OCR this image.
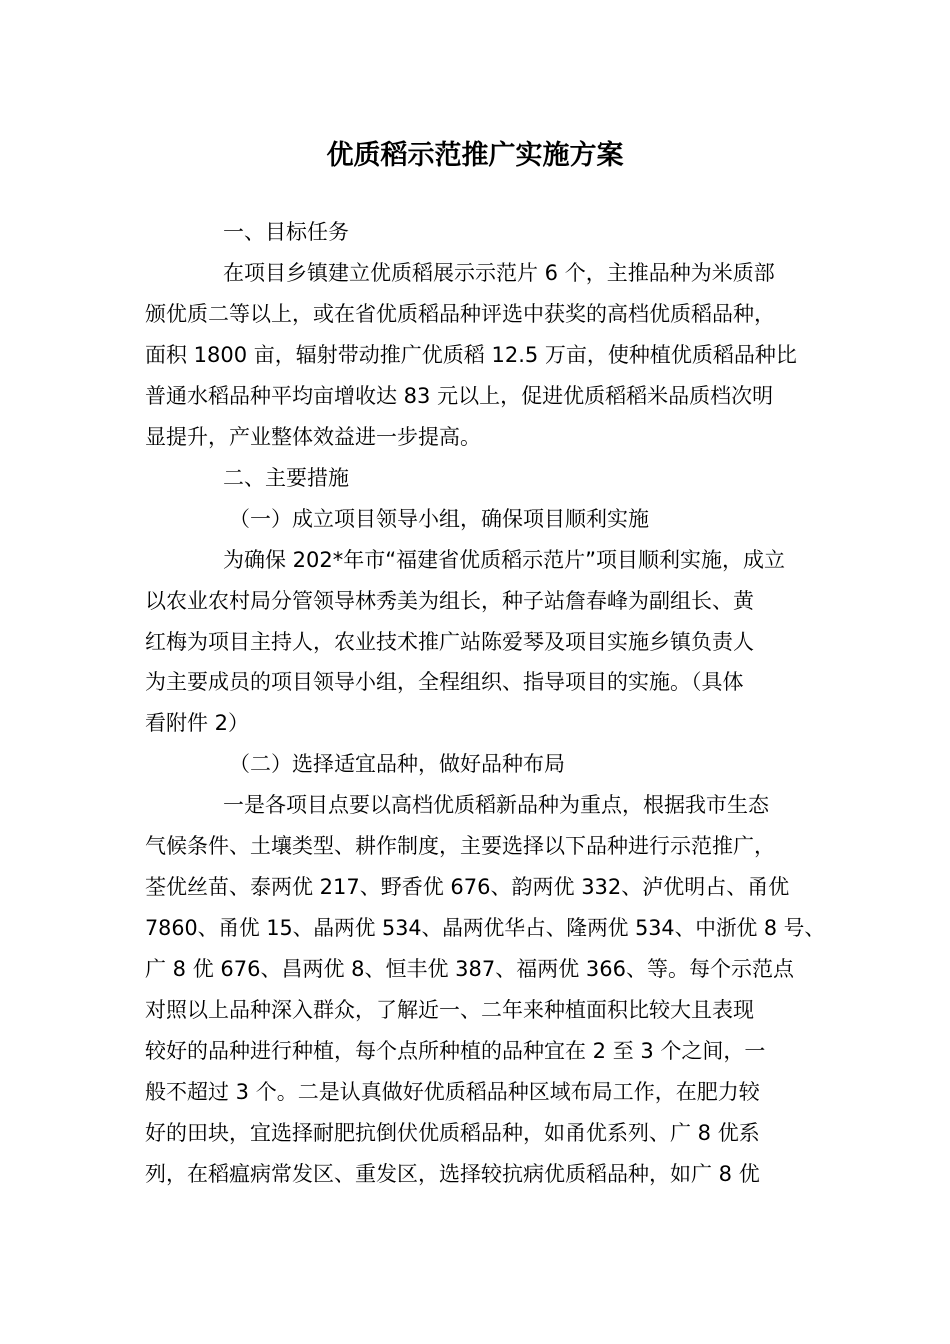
优质稻示范推广实施方案
一、目标任务
在项目乡镇建立优质稻展示示范片 6 个，主推品种为米质部
颁优质二等以上，或在省优质稻品种评选中获奖的高档优质稻品种，
面积 1800 亩，辐射带动推广优质稻 12.5 万亩，使种植优质稻品种比
普通水稻品种平均亩增收达 83 元以上，促进优质稻稻米品质档次明
显提升，产业整体效益进一步提高。
二、主要措施
（一）成立项目领导小组，确保项目顺利实施
为确保 202*年市“福建省优质稻示范片”项目顺利实施，成立
以农业农村局分管领导林秀美为组长，种子站詹春峰为副组长、黄
红梅为项目主持人，农业技术推广站陈爱琴及项目实施乡镇负责人
为主要成员的项目领导小组，全程组织、指导项目的实施。（具体
看附件 2）
（二）选择适宜品种，做好品种布局
一是各项目点要以高档优质稻新品种为重点，根据我市生态
气候条件、土壤类型、耕作制度，主要选择以下品种进行示范推广，
荃优丝苗、泰两优 217、野香优 676、韵两优 332、泸优明占、甬优
7860、甬优 15、晶两优 534、晶两优华占、隆两优 534、中浙优 8 号、
广 8 优 676、昌两优 8、恒丰优 387、福两优 366、等。每个示范点
对照以上品种深入群众，了解近一、二年来种植面积比较大且表现
较好的品种进行种植，每个点所种植的品种宜在 2 至 3 个之间，一
般不超过 3 个。二是认真做好优质稻品种区域布局工作，在肥力较
好的田块，宜选择耐肥抗倒伏优质稻品种，如甬优系列、广 8 优系
列，在稻瘟病常发区、重发区，选择较抗病优质稻品种，如广 8 优
